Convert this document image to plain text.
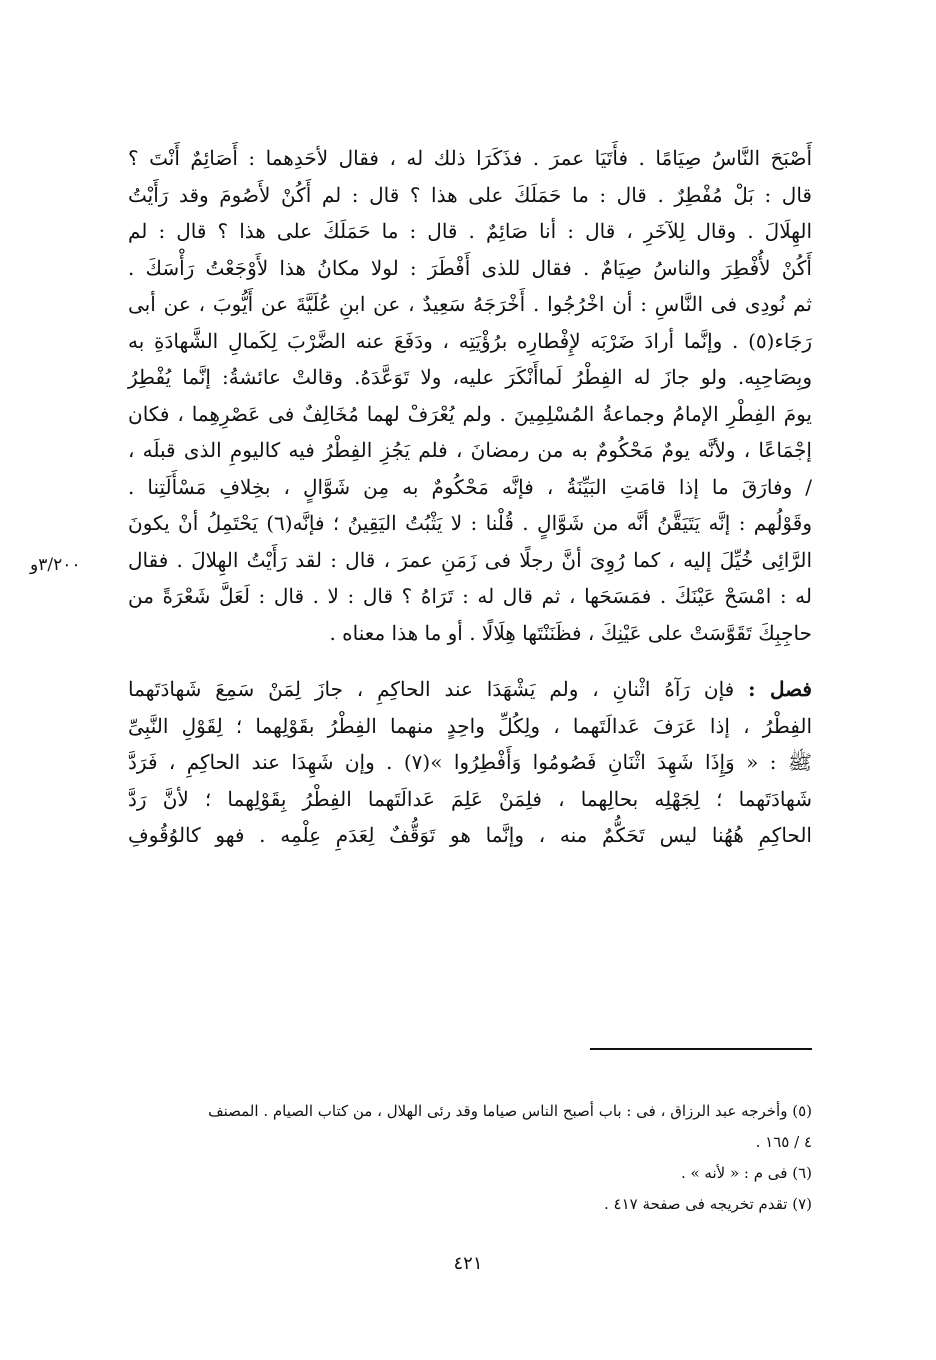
٣/٢٠٠و

أَصْبَحَ النَّاسُ صِيَامًا . فأَتَيَا عمرَ . فذَكَرَا ذلك له ، فقال لأحَدِهما : أَصَائِمٌ أَنْتَ ؟
قال : بَلْ مُفْطِرٌ . قال : ما حَمَلَكَ على هذا ؟ قال : لم أَكُنْ لأَصُومَ وقد رَأَيْتُ
الهِلَالَ . وقال لِلآخَرِ ، قال : أنا صَائِمٌ . قال : ما حَمَلَكَ على هذا ؟ قال : لم
أَكُنْ لأُفْطِرَ والناسُ صِيَامٌ . فقال للذى أَفْطَرَ : لولا مكانُ هذا لأَوْجَعْتُ رَأْسَكَ .
ثم نُودِى فى النَّاسِ : أن اخْرُجُوا . أَخْرَجَهُ سَعِيدٌ ، عن ابنِ عُلَيَّةَ عن أَيُّوبَ ، عن أبى
رَجَاء(٥) . وإنَّما أرادَ ضَرْبَه لإِفْطارِه برُؤْيَتِه ، ودَفَعَ عنه الضَّرْبَ لِكَمالِ الشَّهادَةِ به
وبِصَاحِبِه. ولو جازَ له الفِطْرُ لَماأَنْكَرَ عليه، ولا تَوَعَّدَهُ. وقالتْ عائشةُ: إنَّما يُفْطِرُ
يومَ الفِطْرِ الإمامُ وجماعةُ المُسْلِمِينَ . ولم يُعْرَفْ لهما مُخَالِفٌ فى عَصْرِهِما ، فكان
إجْمَاعًا ، ولأنَّه يومٌ مَحْكُومٌ به من رمضانَ ، فلم يَجُزِ الفِطْرُ فيه كاليومِ الذى قبلَه ،
/ وفارَقَ ما إذا قامَتِ البَيِّنَةُ ، فإنَّه مَحْكُومٌ به مِن شَوَّالٍ ، بخِلافِ مَسْأَلَتِنا .
وقَوْلُهم : إنَّه يَتَيَقَّنُ أنَّه من شَوَّالٍ . قُلْنا : لا يَثْبُتُ اليَقِينُ ؛ فإنَّه(٦) يَحْتَمِلُ أنْ يكونَ
الرَّائِى خُيِّلَ إليه ، كما رُوِىَ أنَّ رجلًا فى زَمَنِ عمرَ ، قال : لقد رَأَيْتُ الهِلالَ . فقال
له : امْسَحْ عَيْنَكَ . فمَسَحَها ، ثم قال له : تَرَاهُ ؟ قال : لا . قال : لَعَلَّ شَعْرَةً من
حاجِبِكَ تَقَوَّسَتْ على عَيْنِكَ ، فظَنَنْتَها هِلَالًا . أو ما هذا معناه .

فصل : فإن رَآهُ اثْنانِ ، ولم يَشْهَدَا عند الحاكِمِ ، جازَ لِمَنْ سَمِعَ شَهادَتَهما
الفِطْرُ ، إذا عَرَفَ عَدالَتَهما ، ولِكُلِّ واحِدٍ منهما الفِطْرُ بقَوْلِهما ؛ لِقَوْلِ النَّبِىِّ
ﷺ : « وَإِذَا شَهِدَ اثْنَانِ فَصُومُوا وَأَفْطِرُوا »(٧) . وإن شَهِدَا عند الحاكِمِ ، فَرَدَّ
شَهادَتَهما ؛ لِجَهْلِه بحالِهما ، فلِمَنْ عَلِمَ عَدالَتَهما الفِطْرُ بِقَوْلِهما ؛ لأنَّ رَدَّ
الحاكِمِ هُهُنا ليس تَحَكُّمٌ منه ، وإنَّما هو تَوَقُّفٌ لِعَدَمِ عِلْمِه . فهو كالوُقُوفِ

(٥) وأخرجه عبد الرزاق ، فى : باب أصبح الناس صياما وقد رئى الهلال ، من كتاب الصيام . المصنف
٤ / ١٦٥ .
(٦) فى م : « لأنه » .
(٧) تقدم تخريجه فى صفحة ٤١٧ .
٤٢١
